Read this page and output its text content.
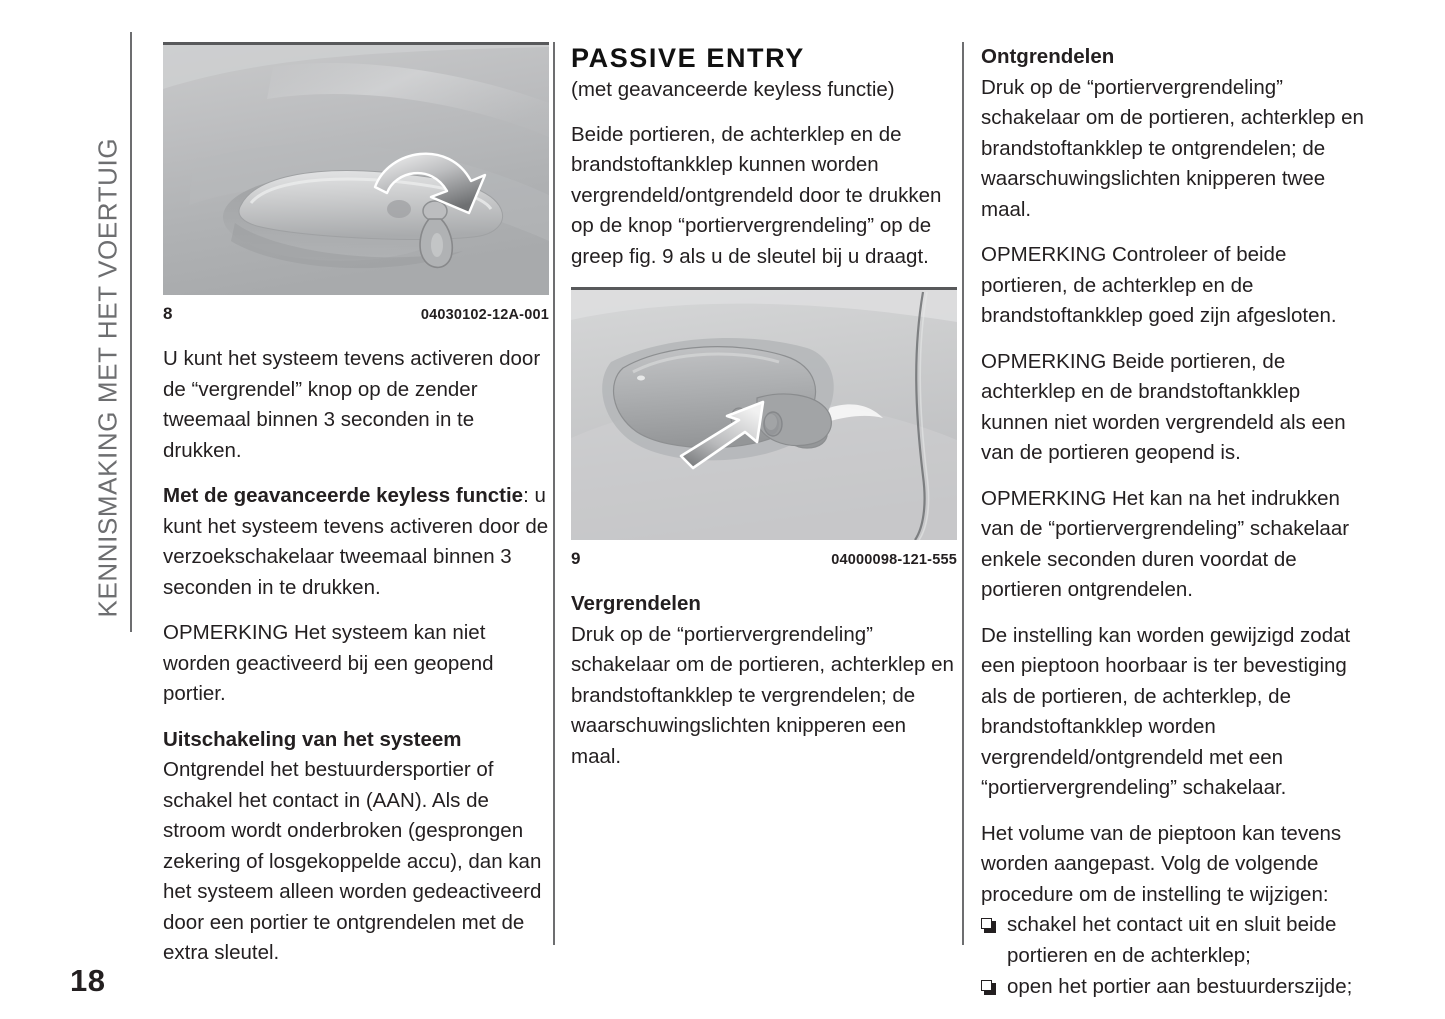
KENNISMAKING MET HET VOERTUIG
18
8	04030102-12A-001

U kunt het systeem tevens activeren door de “vergrendel” knop op de zender tweemaal binnen 3 seconden in te drukken.

Met de geavanceerde keyless functie: u kunt het systeem tevens activeren door de verzoekschakelaar tweemaal binnen 3 seconden in te drukken.

OPMERKING Het systeem kan niet worden geactiveerd bij een geopend portier.

Uitschakeling van het systeem

Ontgrendel het bestuurdersportier of schakel het contact in (AAN). Als de stroom wordt onderbroken (gesprongen zekering of losgekoppelde accu), dan kan het systeem alleen worden gedeactiveerd door een portier te ontgrendelen met de extra sleutel.

PASSIVE ENTRY

(met geavanceerde keyless functie)

Beide portieren, de achterklep en de brandstoftankklep kunnen worden vergrendeld/ontgrendeld door te drukken op de knop “portiervergrendeling” op de greep fig. 9 als u de sleutel bij u draagt.

9	04000098-121-555
Vergrendelen

Druk op de “portiervergrendeling” schakelaar om de portieren, achterklep en brandstoftankklep te vergrendelen; de waarschuwingslichten knipperen een maal.

Ontgrendelen

Druk op de “portiervergrendeling” schakelaar om de portieren, achterklep en brandstoftankklep te ontgrendelen; de waarschuwingslichten knipperen twee maal.

OPMERKING Controleer of beide portieren, de achterklep en de brandstoftankklep goed zijn afgesloten.

OPMERKING Beide portieren, de achterklep en de brandstoftankklep kunnen niet worden vergrendeld als een van de portieren geopend is.

OPMERKING Het kan na het indrukken van de “portiervergrendeling” schakelaar enkele seconden duren voordat de portieren ontgrendelen.

De instelling kan worden gewijzigd zodat een pieptoon hoorbaar is ter bevestiging als de portieren, de achterklep, de brandstoftankklep worden vergrendeld/ontgrendeld met een “portiervergrendeling” schakelaar.

Het volume van de pieptoon kan tevens worden aangepast. Volg de volgende procedure om de instelling te wijzigen:

schakel het contact uit en sluit beide portieren en de achterklep;
open het portier aan bestuurderszijde;
